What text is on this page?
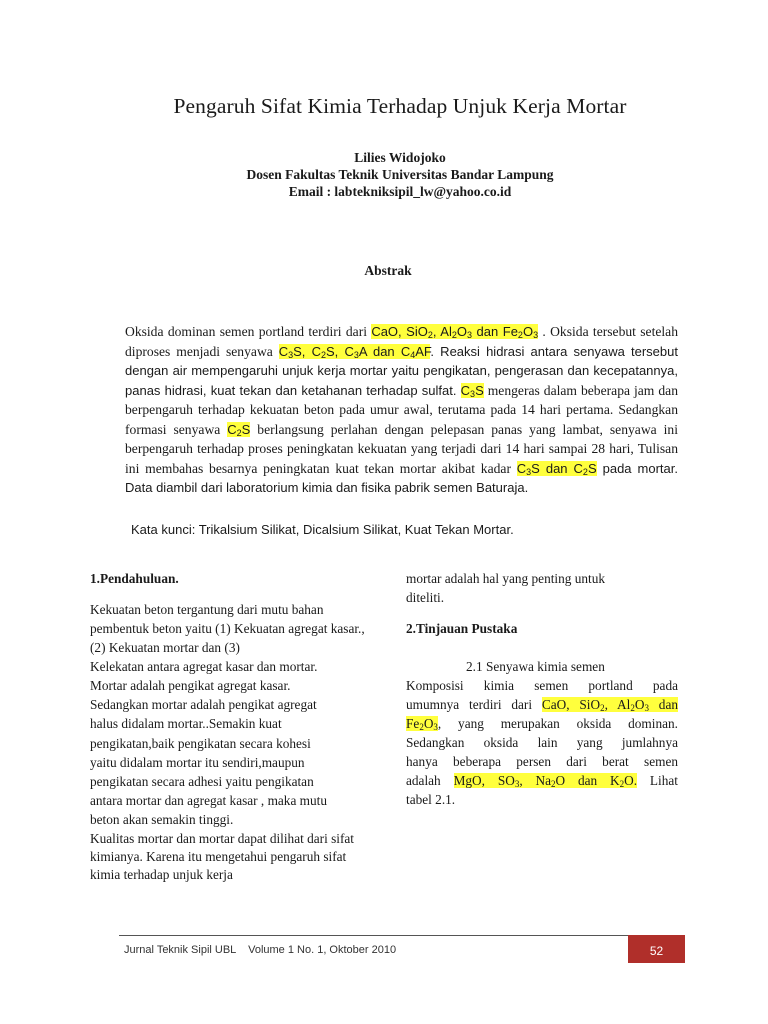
Pengaruh Sifat Kimia Terhadap Unjuk Kerja Mortar
Lilies Widojoko
Dosen Fakultas Teknik Universitas Bandar Lampung
Email : labtekniksipil_lw@yahoo.co.id
Abstrak
Oksida dominan semen portland terdiri dari CaO, SiO$_2$, $Al_2O_3$ dan $Fe_2O_3$ . Oksida tersebut setelah diproses menjadi senyawa $C_3S$, $C_2S$, $C_3A$ dan $C_4AF$. Reaksi hidrasi antara senyawa tersebut dengan air mempengaruhi unjuk kerja mortar yaitu pengikatan, pengerasan dan kecepatannya, panas hidrasi, kuat tekan dan ketahanan terhadap sulfat. $C_3S$ mengeras dalam beberapa jam dan berpengaruh terhadap kekuatan beton pada umur awal, terutama pada 14 hari pertama. Sedangkan formasi senyawa $C_2S$ berlangsung perlahan dengan pelepasan panas yang lambat, senyawa ini berpengaruh terhadap proses peningkatan kekuatan yang terjadi dari 14 hari sampai 28 hari, Tulisan ini membahas besarnya peningkatan kuat tekan mortar akibat kadar $C_3S$ dan $C_2S$ pada mortar. Data diambil dari laboratorium kimia dan fisika pabrik semen Baturaja.
Kata kunci: Trikalsium Silikat, Dicalsium Silikat, Kuat Tekan Mortar.
1.Pendahuluan.
Kekuatan beton tergantung dari mutu bahan
pembentuk beton yaitu (1) Kekuatan agregat kasar.,
(2) Kekuatan mortar dan (3)
Kelekatan antara agregat kasar dan mortar.
Mortar adalah pengikat agregat kasar.
Sedangkan mortar adalah pengikat agregat
halus didalam mortar..Semakin kuat
pengikatan,baik pengikatan secara kohesi
yaitu didalam mortar itu sendiri,maupun
pengikatan secara adhesi yaitu pengikatan
antara mortar dan agregat kasar , maka mutu
beton akan semakin tinggi.
Kualitas mortar dan mortar dapat dilihat dari sifat
kimianya. Karena itu mengetahui pengaruh sifat
kimia terhadap unjuk kerja
mortar adalah hal yang penting untuk
diteliti.
2.Tinjauan Pustaka
2.1 Senyawa kimia semen
Komposisi kimia semen portland pada
umumnya terdiri dari CaO, SiO$_2$, $Al_2O_3$ dan
$Fe_2O_3$, yang merupakan oksida dominan.
Sedangkan oksida lain yang jumlahnya
hanya beberapa persen dari berat semen
adalah MgO, $SO_3$, $Na_2O$ dan $K_2O$. Lihat
tabel 2.1.
Jurnal Teknik Sipil UBL    Volume 1 No. 1, Oktober 2010	52
